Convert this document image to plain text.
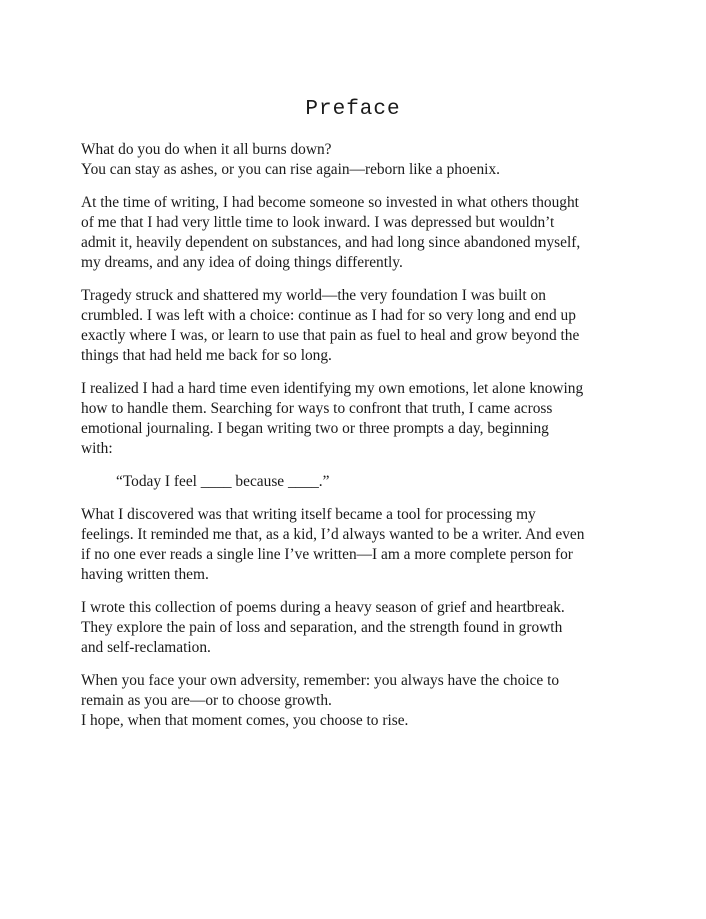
Preface

What do you do when it all burns down?
You can stay as ashes, or you can rise again—reborn like a phoenix.

At the time of writing, I had become someone so invested in what others thought
of me that I had very little time to look inward. I was depressed but wouldn’t
admit it, heavily dependent on substances, and had long since abandoned myself,
my dreams, and any idea of doing things differently.

Tragedy struck and shattered my world—the very foundation I was built on
crumbled. I was left with a choice: continue as I had for so very long and end up
exactly where I was, or learn to use that pain as fuel to heal and grow beyond the
things that had held me back for so long.

I realized I had a hard time even identifying my own emotions, let alone knowing
how to handle them. Searching for ways to confront that truth, I came across
emotional journaling. I began writing two or three prompts a day, beginning
with:

“Today I feel ____ because ____.”

What I discovered was that writing itself became a tool for processing my
feelings. It reminded me that, as a kid, I’d always wanted to be a writer. And even
if no one ever reads a single line I’ve written—I am a more complete person for
having written them.

I wrote this collection of poems during a heavy season of grief and heartbreak.
They explore the pain of loss and separation, and the strength found in growth
and self-reclamation.

When you face your own adversity, remember: you always have the choice to
remain as you are—or to choose growth.
I hope, when that moment comes, you choose to rise.
